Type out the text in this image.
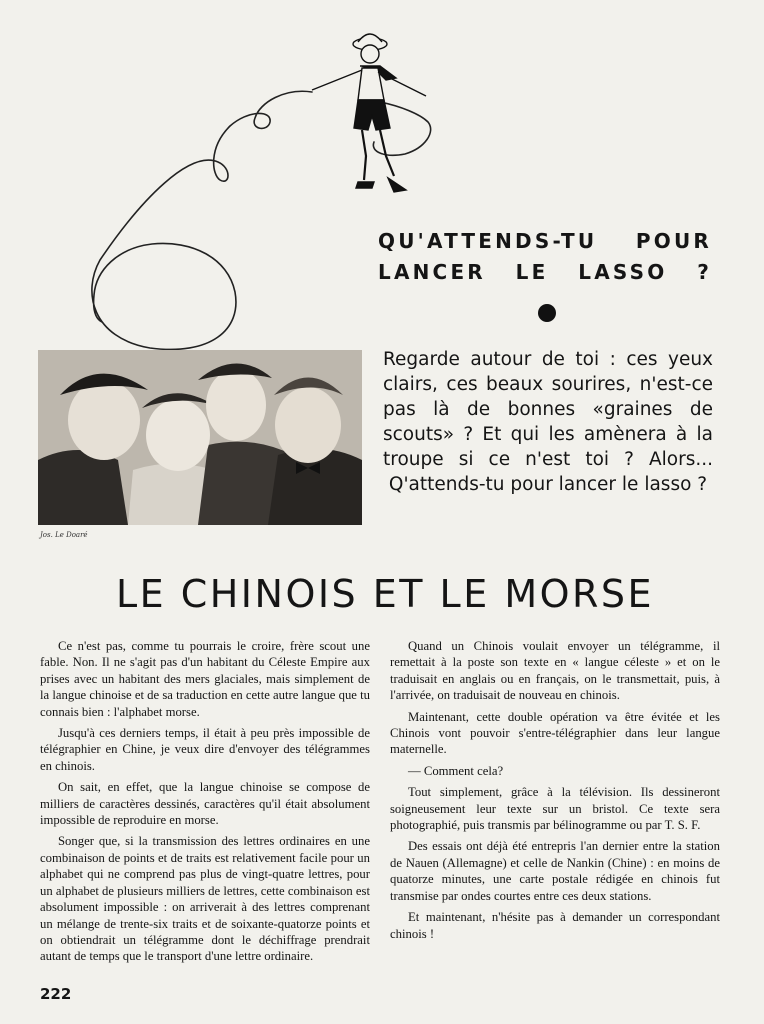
QU'ATTENDS-TU POUR
LANCER LE LASSO ?
Jos. Le Doaré

Regarde autour de toi : ces yeux clairs, ces beaux sourires, n'est-ce pas là de bonnes «graines de scouts» ? Et qui les amènera à la troupe si ce n'est toi ? Alors... Q'attends-tu pour lancer le lasso ?

LE CHINOIS ET LE MORSE

Ce n'est pas, comme tu pourrais le croire, frère scout une fable. Non. Il ne s'agit pas d'un habitant du Céleste Empire aux prises avec un habitant des mers glaciales, mais simplement de la langue chinoise et de sa traduction en cette autre langue que tu connais bien : l'alphabet morse.

Jusqu'à ces derniers temps, il était à peu près impossible de télégraphier en Chine, je veux dire d'envoyer des télégrammes en chinois.

On sait, en effet, que la langue chinoise se compose de milliers de caractères dessinés, caractères qu'il était absolument impossible de reproduire en morse.

Songer que, si la transmission des lettres ordinaires en une combinaison de points et de traits est relativement facile pour un alphabet qui ne comprend pas plus de vingt-quatre lettres, pour un alphabet de plusieurs milliers de lettres, cette combinaison est absolument impossible : on arriverait à des lettres comprenant un mélange de trente-six traits et de soixante-quatorze points et on obtiendrait un télégramme dont le déchiffrage prendrait autant de temps que le transport d'une lettre ordinaire.

Quand un Chinois voulait envoyer un télégramme, il remettait à la poste son texte en « langue céleste » et on le traduisait en anglais ou en français, on le transmettait, puis, à l'arrivée, on traduisait de nouveau en chinois.

Maintenant, cette double opération va être évitée et les Chinois vont pouvoir s'entre-télégraphier dans leur langue maternelle.

— Comment cela?

Tout simplement, grâce à la télévision. Ils dessineront soigneusement leur texte sur un bristol. Ce texte sera photographié, puis transmis par bélinogramme ou par T. S. F.

Des essais ont déjà été entrepris l'an dernier entre la station de Nauen (Allemagne) et celle de Nankin (Chine) : en moins de quatorze minutes, une carte postale rédigée en chinois fut transmise par ondes courtes entre ces deux stations.

Et maintenant, n'hésite pas à demander un correspondant chinois !

222
